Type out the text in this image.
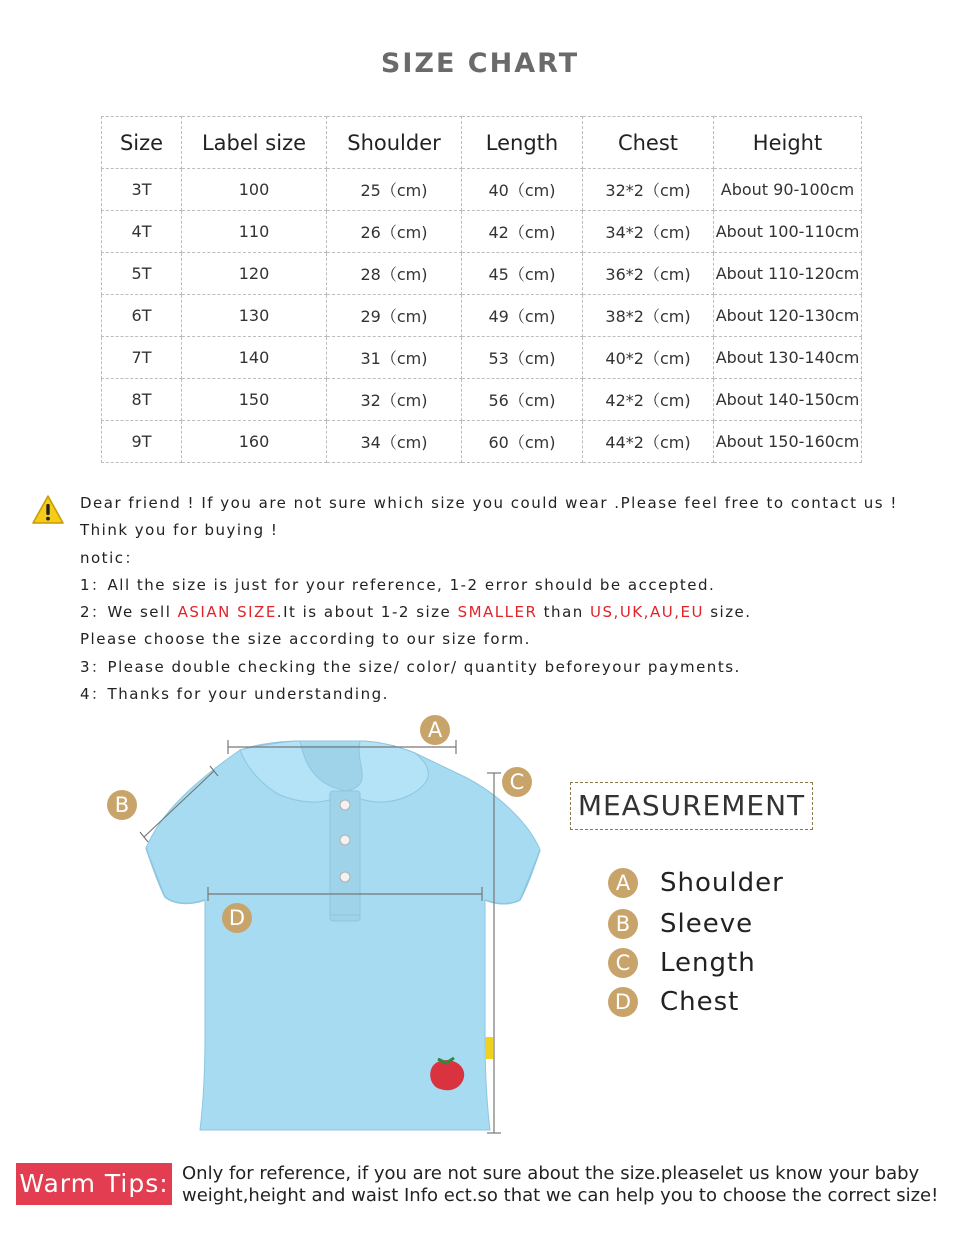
SIZE CHART
Size	Label size	Shoulder	Length	Chest	Height
3T	100	25（cm)	40（cm)	32*2（cm)	About 90-100cm
4T	110	26（cm)	42（cm)	34*2（cm)	About 100-110cm
5T	120	28（cm)	45（cm)	36*2（cm)	About 110-120cm
6T	130	29（cm)	49（cm)	38*2（cm)	About 120-130cm
7T	140	31（cm)	53（cm)	40*2（cm)	About 130-140cm
8T	150	32（cm)	56（cm)	42*2（cm)	About 140-150cm
9T	160	34（cm)	60（cm)	44*2（cm)	About 150-160cm
Dear friend ! If you are not sure which size you could wear .Please feel free to contact us !
Think you for buying !
notic：
1：All the size is just for your reference, 1-2 error should be accepted.
2：We sell ASIAN SIZE.It is about 1-2 size SMALLER than US,UK,AU,EU size.
Please choose the size according to our size form.
3：Please double checking the size/ color/ quantity beforeyour payments.
4：Thanks for your understanding.
A
B
C
D
MEASUREMENT
A	Shoulder
B Sleeve
C Length
D Chest
Warm Tips: Only for reference, if you are not sure about the size.pleaselet us know your baby
weight,height and waist Info ect.so that we can help you to choose the correct size!
